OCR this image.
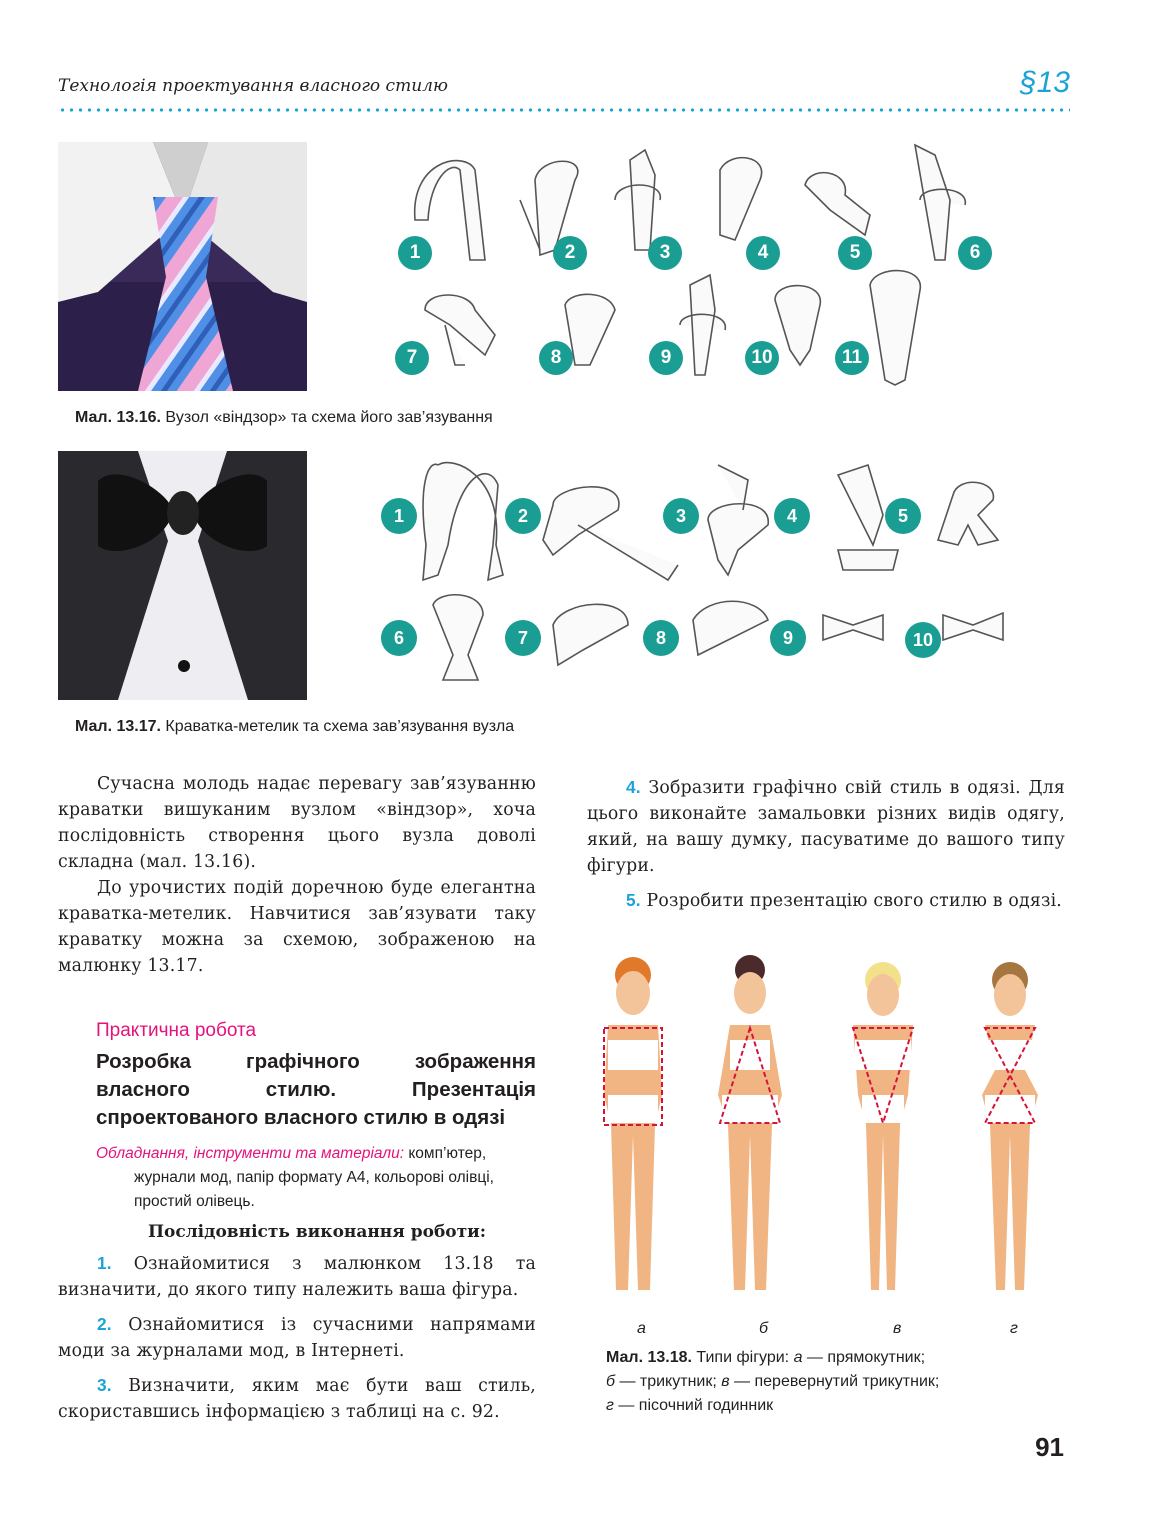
Технологія проектування власного стилю	§13
1	2	3	4	5	6
7	8	9	10	11
Мал. 13.16. Вузол «віндзор» та схема його зав’язування
1	2	3	4	5
6	7	8	9	10
Мал. 13.17. Краватка-метелик та схема зав’язування вузла
Сучасна молодь надає перевагу зав’язуванню краватки вишуканим вузлом «віндзор», хоча послідовність створення цього вузла доволі складна (мал. 13.16).
До урочистих подій доречною буде елегантна краватка-метелик. Навчитися зав’язувати таку краватку можна за схемою, зображеною на малюнку 13.17.
Практична робота
Розробка графічного зображення власного стилю. Презентація спроектованого власного стилю в одязі
Обладнання, інструменти та матеріали: комп’ютер, журнали мод, папір формату А4, кольорові олівці, простий олівець.
Послідовність виконання роботи:
1. Ознайомитися з малюнком 13.18 та визначити, до якого типу належить ваша фігура.
2. Ознайомитися із сучасними напрямами моди за журналами мод, в Інтернеті.
3. Визначити, яким має бути ваш стиль, скориставшись інформацією з таблиці на с. 92.
4. Зобразити графічно свій стиль в одязі. Для цього виконайте замальовки різних видів одягу, який, на вашу думку, пасуватиме до вашого типу фігури.
5. Розробити презентацію свого стилю в одязі.
а	б	в	г
Мал. 13.18. Типи фігури: а — прямокутник;
б — трикутник; в — перевернутий трикутник;
г — пісочний годинник
91
